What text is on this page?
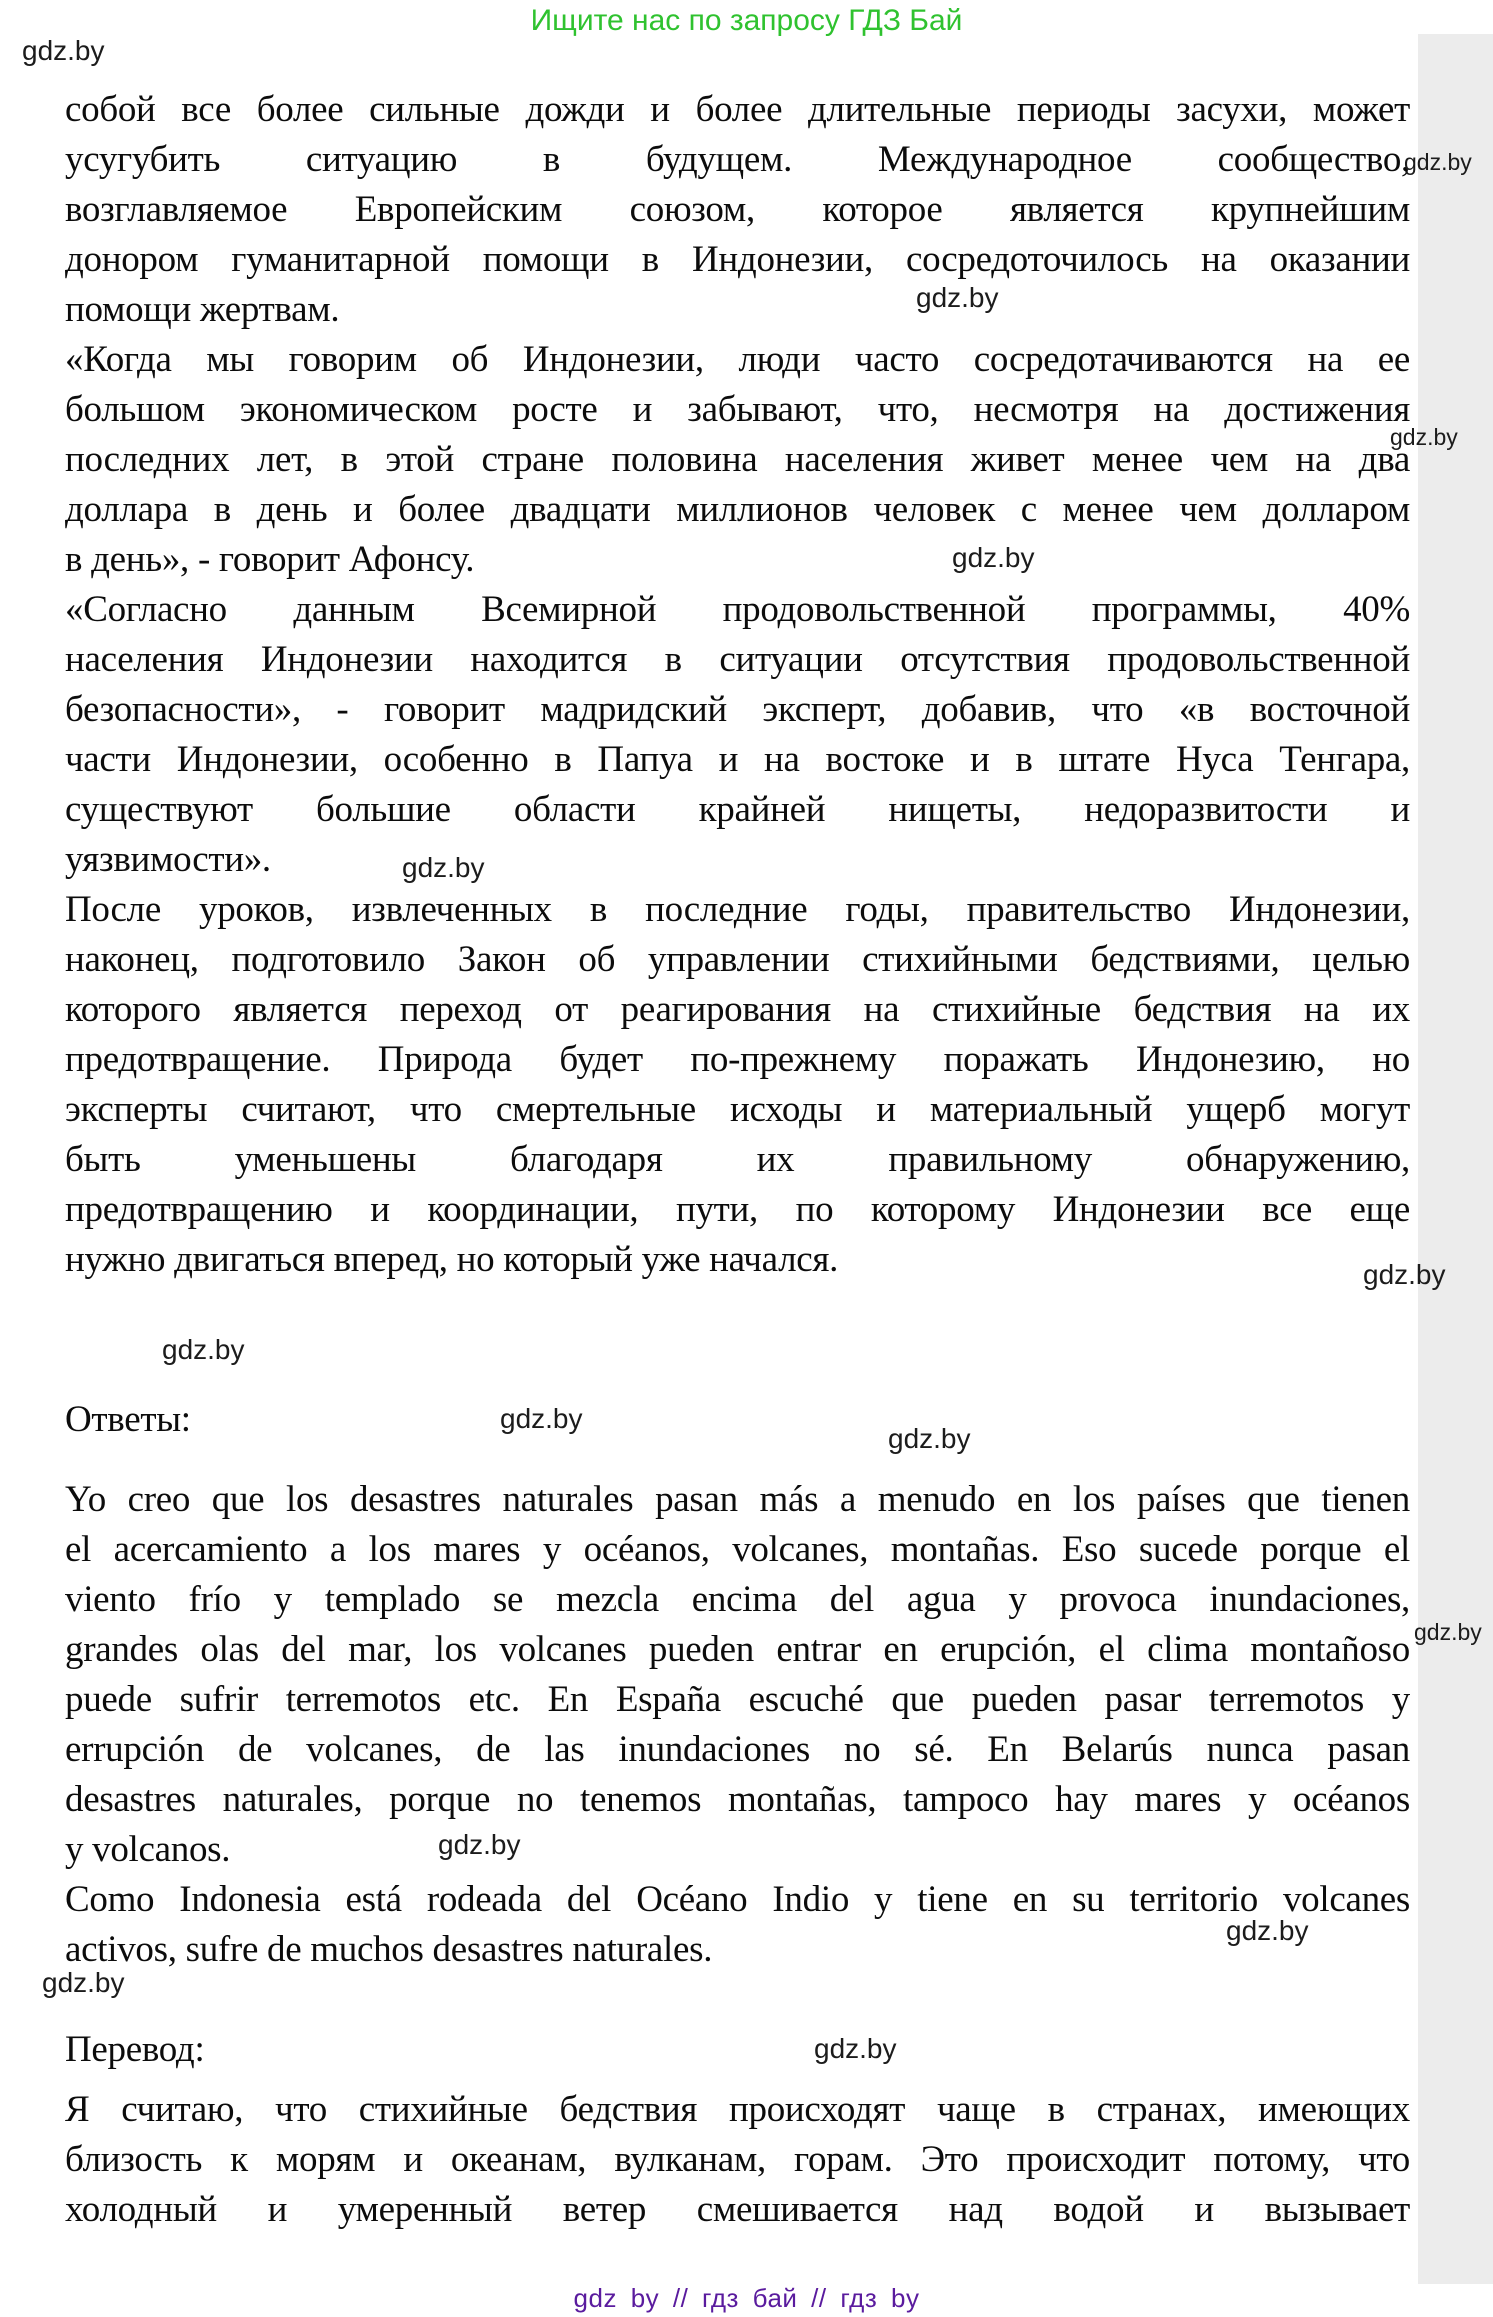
Ищите нас по запросу ГДЗ Бай
собой все более сильные дожди и более длительные периоды засухи, может
усугубить ситуацию в будущем. Международное сообщество,
возглавляемое Европейским союзом, которое является крупнейшим
донором гуманитарной помощи в Индонезии, сосредоточилось на оказании
помощи жертвам.
«Когда мы говорим об Индонезии, люди часто сосредотачиваются на ее
большом экономическом росте и забывают, что, несмотря на достижения
последних лет, в этой стране половина населения живет менее чем на два
доллара в день и более двадцати миллионов человек с менее чем долларом
в день», - говорит Афонсу.
«Согласно данным Всемирной продовольственной программы, 40%
населения Индонезии находится в ситуации отсутствия продовольственной
безопасности», - говорит мадридский эксперт, добавив, что «в восточной
части Индонезии, особенно в Папуа и на востоке и в штате Нуса Тенгара,
существуют большие области крайней нищеты, недоразвитости и
уязвимости».
После уроков, извлеченных в последние годы, правительство Индонезии,
наконец, подготовило Закон об управлении стихийными бедствиями, целью
которого является переход от реагирования на стихийные бедствия на их
предотвращение. Природа будет по-прежнему поражать Индонезию, но
эксперты считают, что смертельные исходы и материальный ущерб могут
быть уменьшены благодаря их правильному обнаружению,
предотвращению и координации, пути, по которому Индонезии все еще
нужно двигаться вперед, но который уже начался.
Ответы:
Yo creo que los desastres naturales pasan más a menudo en los países que tienen
el acercamiento a los mares y océanos, volcanes, montañas. Eso sucede porque el
viento frío y templado se mezcla encima del agua y provoca inundaciones,
grandes olas del mar, los volcanes pueden entrar en erupción, el clima montañoso
puede sufrir terremotos etc. En España escuché que pueden pasar terremotos y
errupción de volcanes, de las inundaciones no sé. En Belarús nunca pasan
desastres naturales, porque no tenemos montañas, tampoco hay mares y océanos
y volcanos.
Como Indonesia está rodeada del Océano Indio y tiene en su territorio volcanes
activos, sufre de muchos desastres naturales.
Перевод:
Я считаю, что стихийные бедствия происходят чаще в странах, имеющих
близость к морям и океанам, вулканам, горам. Это происходит потому, что
холодный и умеренный ветер смешивается над водой и вызывает
gdz.by
gdz.by
gdz.by
gdz.by
gdz.by
gdz.by
gdz.by
gdz.by
gdz.by
gdz.by
gdz.by
gdz.by
gdz.by
gdz.by
gdz.by
gdz by // гдз бай // гдз by
